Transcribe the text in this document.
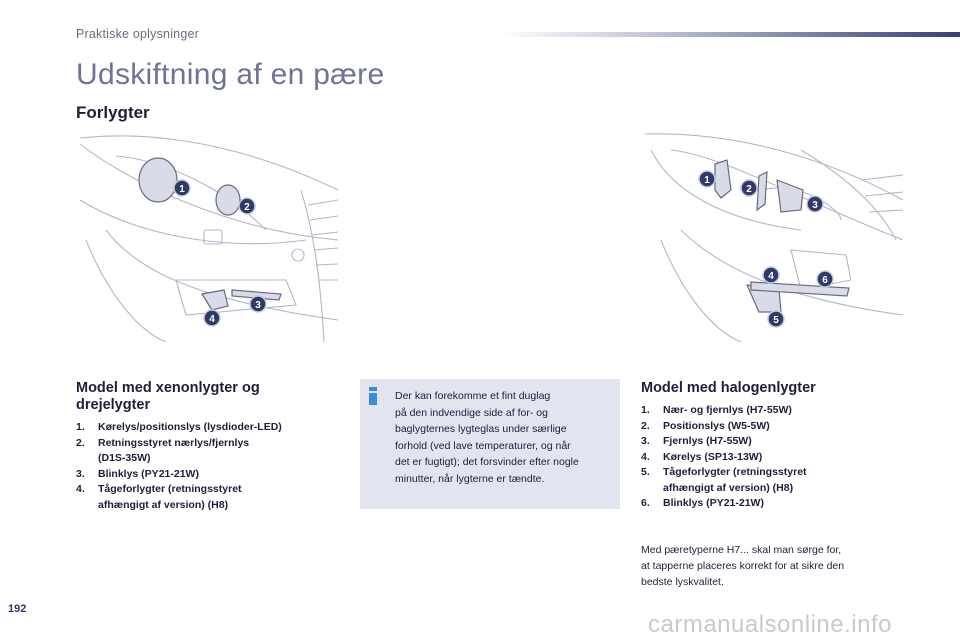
Praktiske oplysninger
Udskiftning af en pære
Forlygter
1
2
3
4
1
2
3
4	6
5
Model med xenonlygter og
drejelygter
1.	Kørelys/positionslys (lysdioder-LED)
2.	Retningsstyret nærlys/fjernlys
(D1S-35W)
3.	Blinklys (PY21-21W)
4.	Tågeforlygter (retningsstyret
afhængigt af version) (H8)
Der kan forekomme et fint duglag
på den indvendige side af for- og
baglygternes lygteglas under særlige
forhold (ved lave temperaturer, og når
det er fugtigt); det forsvinder efter nogle
minutter, når lygterne er tændte.
Model med halogenlygter
1.	Nær- og fjernlys (H7-55W)
2.	Positionslys (W5-5W)
3.	Fjernlys (H7-55W)
4.	Kørelys (SP13-13W)
5.	Tågeforlygter (retningsstyret
afhængigt af version) (H8)
6.	Blinklys (PY21-21W)
Med pæretyperne H7... skal man sørge for,
at tapperne placeres korrekt for at sikre den
bedste lyskvalitet.
192
carmanualsonline.info
